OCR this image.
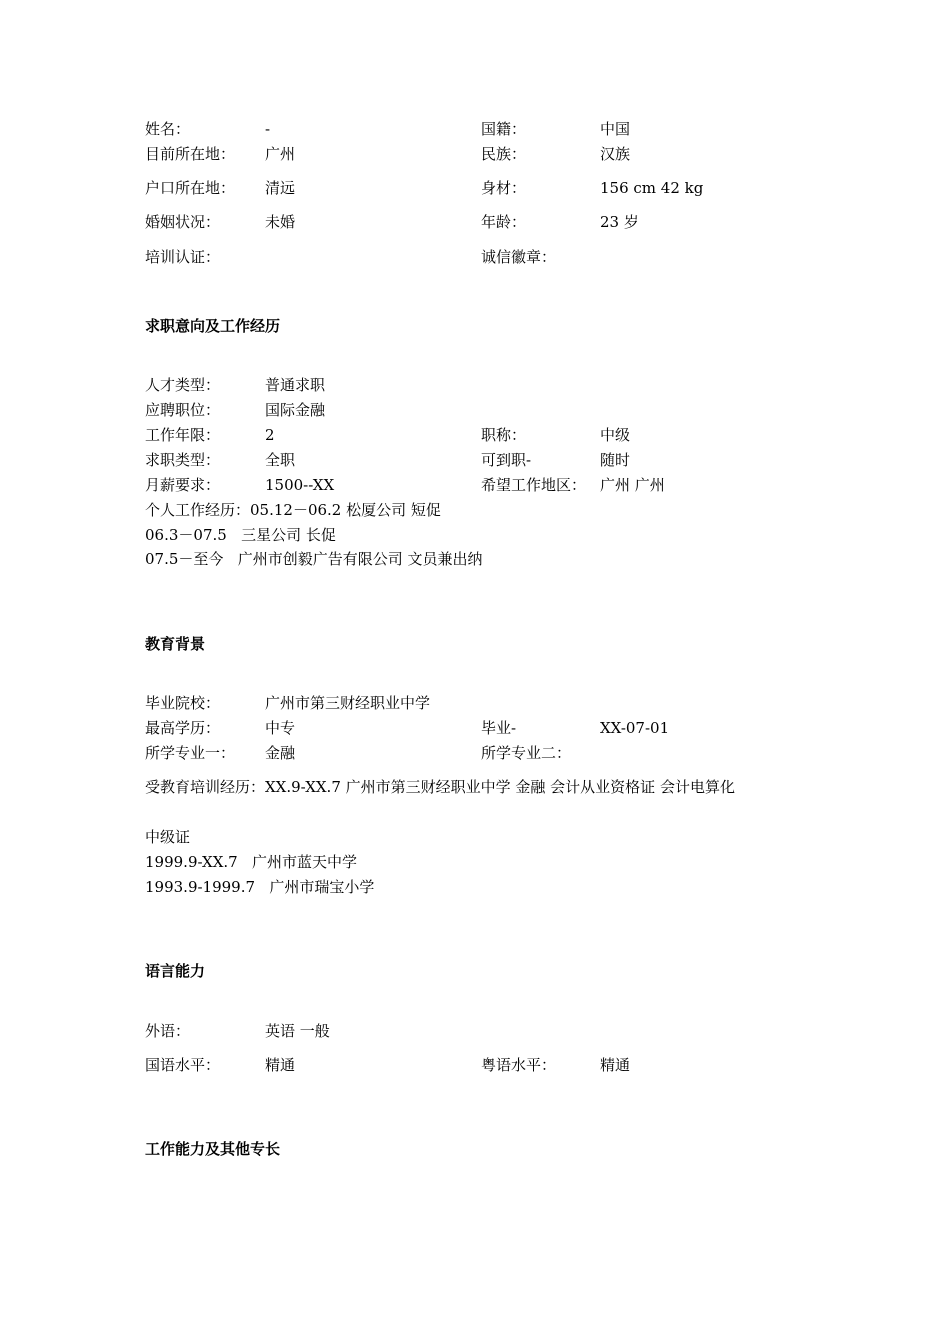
姓名：	-	国籍：	中国
目前所在地： 广州	民族：	汉族
户口所在地： 清远	身材：	156 cm 42 kg
婚姻状况：	未婚	年龄：	23 岁
培训认证：	诚信徽章：
求职意向及工作经历
人才类型：	普通求职
应聘职位：	国际金融
工作年限：	2	职称：	中级
求职类型：	全职	可到职-	随时
月薪要求：	1500--XX	希望工作地区： 广州 广州
个人工作经历：05.12－06.2 松厦公司 短促
06.3－07.5   三星公司 长促
07.5－至今   广州市创毅广告有限公司 文员兼出纳
教育背景
毕业院校：	广州市第三财经职业中学
最高学历：	中专	毕业-	XX-07-01
所学专业一： 金融	所学专业二：
受教育培训经历：XX.9-XX.7 广州市第三财经职业中学 金融 会计从业资格证 会计电算化
中级证
1999.9-XX.7   广州市蓝天中学
1993.9-1999.7   广州市瑞宝小学
语言能力
外语：	英语 一般
国语水平：	精通	粤语水平：	精通
工作能力及其他专长
